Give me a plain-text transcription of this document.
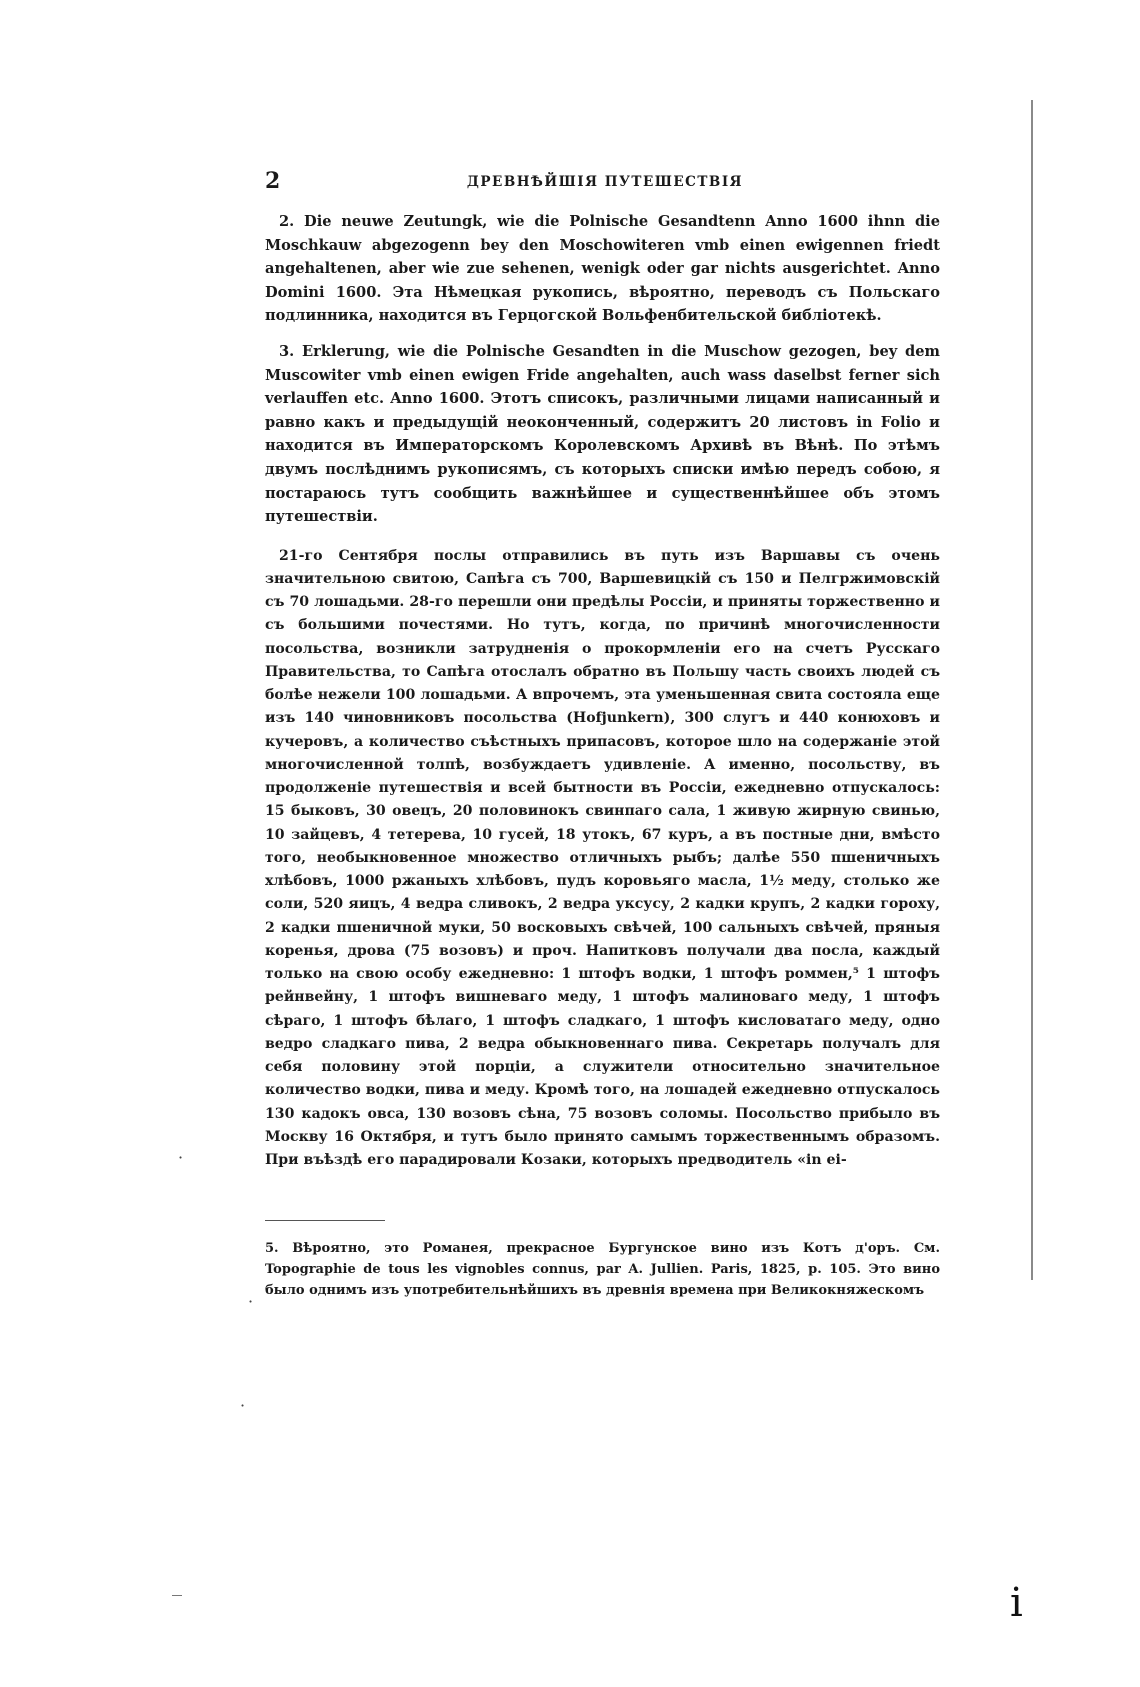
2	ДРЕВНѢЙШІЯ ПУТЕШЕСТВІЯ

2. Die neuwe Zeutungk, wie die Polnische Gesandtenn Anno 1600 ihnn die Moschkauw abgezogenn bey den Moschowiteren vmb einen ewigennen friedt angehaltenen, aber wie zue sehenen, wenigk oder gar nichts ausgerichtet. Anno Domini 1600. Эта Нѣмецкая рукопись, вѣроятно, переводъ съ Польскаго подлинника, находится въ Герцогской Вольфенбительской библіотекѣ.

3. Erklerung, wie die Polnische Gesandten in die Muschow gezogen, bey dem Muscowiter vmb einen ewigen Fride angehalten, auch wass daselbst ferner sich verlauffen etc. Anno 1600. Этотъ списокъ, различными лицами написанный и равно какъ и предыдущій неоконченный, содержитъ 20 листовъ in Folio и находится въ Императорскомъ Королевскомъ Архивѣ въ Вѣнѣ. По этѣмъ двумъ послѣднимъ рукописямъ, съ которыхъ списки имѣю передъ собою, я постараюсь тутъ сообщить важнѣйшее и существеннѣйшее объ этомъ путешествіи.

21-го Сентября послы отправились въ путь изъ Варшавы съ очень значительною свитою, Сапѣга съ 700, Варшевицкій съ 150 и Пелгржимовскій съ 70 лошадьми. 28-го перешли они предѣлы Россіи, и приняты торжественно и съ большими почестями. Но тутъ, когда, по причинѣ многочисленности посольства, возникли затрудненія о прокормленіи его на счетъ Русскаго Правительства, то Сапѣга отослалъ обратно въ Польшу часть своихъ людей съ болѣе нежели 100 лошадьми. А впрочемъ, эта уменьшенная свита состояла еще изъ 140 чиновниковъ посольства (Hofjunkern), 300 слугъ и 440 конюховъ и кучеровъ, а количество съѣстныхъ припасовъ, которое шло на содержаніе этой многочисленной толпѣ, возбуждаетъ удивленіе. А именно, посольству, въ продолженіе путешествія и всей бытности въ Россіи, ежедневно отпускалось: 15 быковъ, 30 овецъ, 20 половинокъ свинпаго сала, 1 живую жирную свинью, 10 зайцевъ, 4 тетерева, 10 гусей, 18 утокъ, 67 куръ, а въ постные дни, вмѣсто того, необыкновенное множество отличныхъ рыбъ; далѣе 550 пшеничныхъ хлѣбовъ, 1000 ржаныхъ хлѣбовъ, пудъ коровьяго масла, 1½ меду, столько же соли, 520 яицъ, 4 ведра сливокъ, 2 ведра уксусу, 2 кадки крупъ, 2 кадки гороху, 2 кадки пшеничной муки, 50 восковыхъ свѣчей, 100 сальныхъ свѣчей, пряныя коренья, дрова (75 возовъ) и проч. Напитковъ получали два посла, каждый только на свою особу ежедневно: 1 штофъ водки, 1 штофъ роммен,⁵ 1 штофъ рейнвейну, 1 штофъ вишневаго меду, 1 штофъ малиноваго меду, 1 штофъ сѣраго, 1 штофъ бѣлаго, 1 штофъ сладкаго, 1 штофъ кисловатаго меду, одно ведро сладкаго пива, 2 ведра обыкновеннаго пива. Секретарь получалъ для себя половину этой порціи, а служители относительно значительное количество водки, пива и меду. Кромѣ того, на лошадей ежедневно отпускалось 130 кадокъ овса, 130 возовъ сѣна, 75 возовъ соломы. Посольство прибыло въ Москву 16 Октября, и тутъ было принято самымъ торжественнымъ образомъ. При въѣздѣ его парадировали Козаки, которыхъ предводитель «in ei-

5. Вѣроятно, это Романея, прекрасное Бургунское вино изъ Котъ д'оръ. См. Topographie de tous les vignobles connus, par A. Jullien. Paris, 1825, p. 105. Это вино было однимъ изъ употребительнѣйшихъ въ древнія времена при Великокняжескомъ

·
·
·
i
